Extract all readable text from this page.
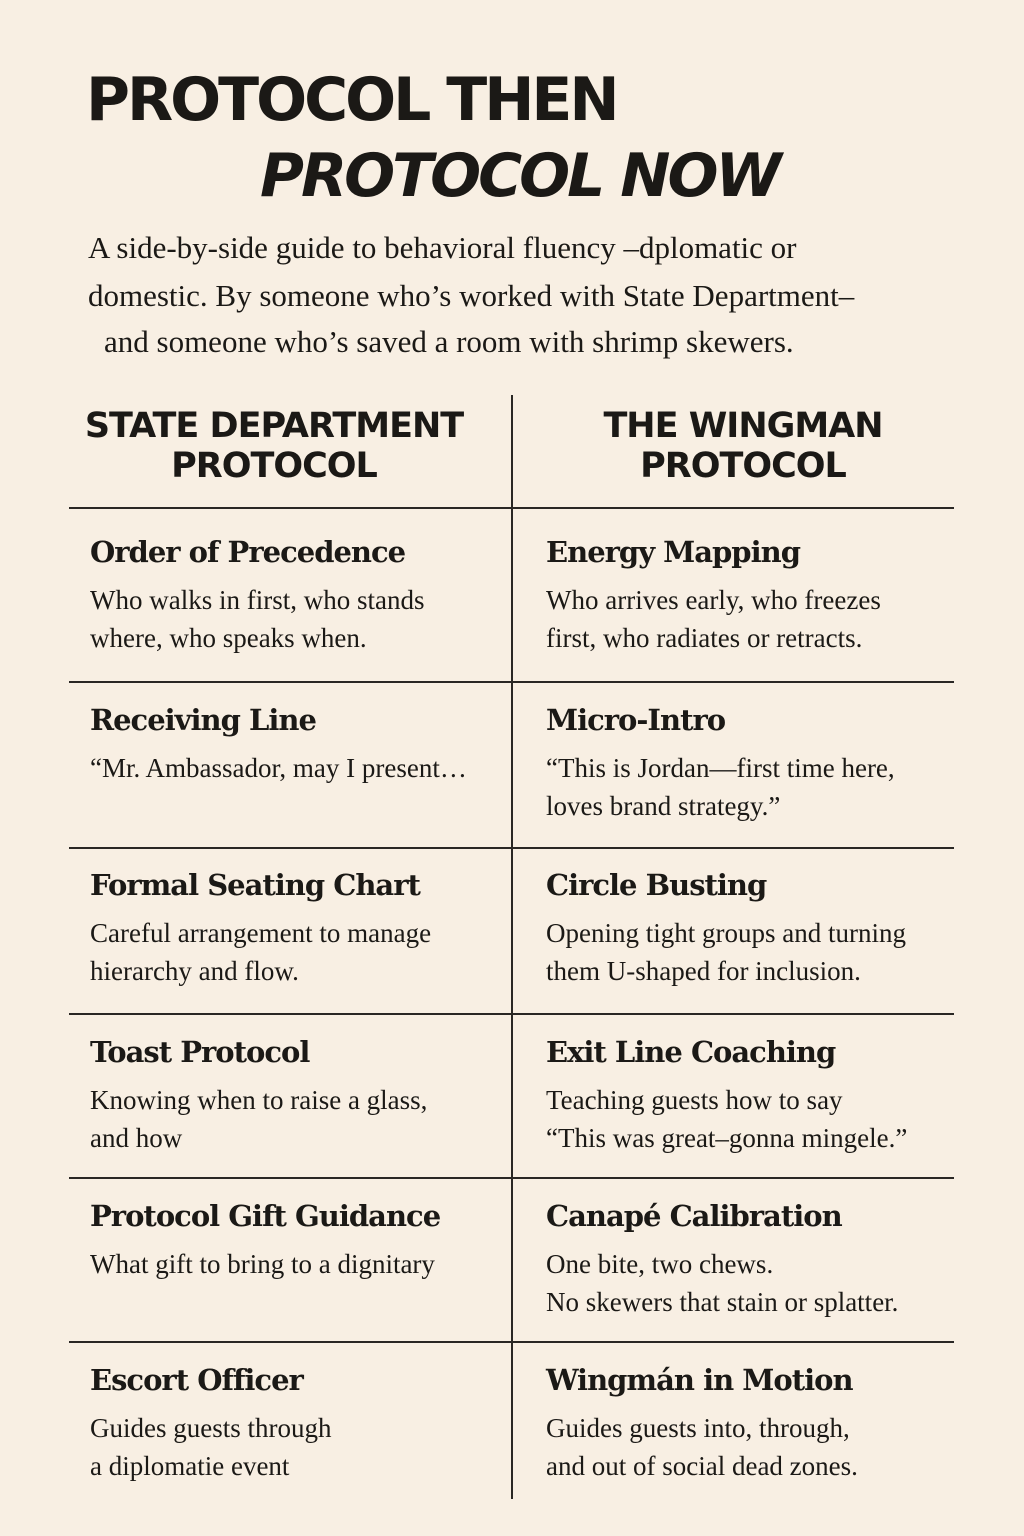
PROTOCOL THEN
PROTOCOL NOW

A side-by-side guide to behavioral fluency –dplomatic or

domestic. By someone who’s worked with State Department–

and someone who’s saved a room with shrimp skewers.

STATE DEPARTMENT
PROTOCOL
THE WINGMAN
PROTOCOL
Order of Precedence

Who walks in first, who stands
where, who speaks when.

Energy Mapping

Who arrives early, who freezes
first, who radiates or retracts.

Receiving Line

“Mr. Ambassador, may I present…

Micro-Intro

“This is Jordan—first time here,
loves brand strategy.”

Formal Seating Chart

Careful arrangement to manage
hierarchy and flow.

Circle Busting

Opening tight groups and turning
them U-shaped for inclusion.

Toast Protocol

Knowing when to raise a glass,
and how

Exit Line Coaching

Teaching guests how to say
“This was great–gonna mingele.”

Protocol Gift Guidance

What gift to bring to a dignitary

Canapé Calibration

One bite, two chews.
No skewers that stain or splatter.

Escort Officer

Guides guests through
a diplomatie event

Wingmán in Motion

Guides guests into, through,
and out of social dead zones.
